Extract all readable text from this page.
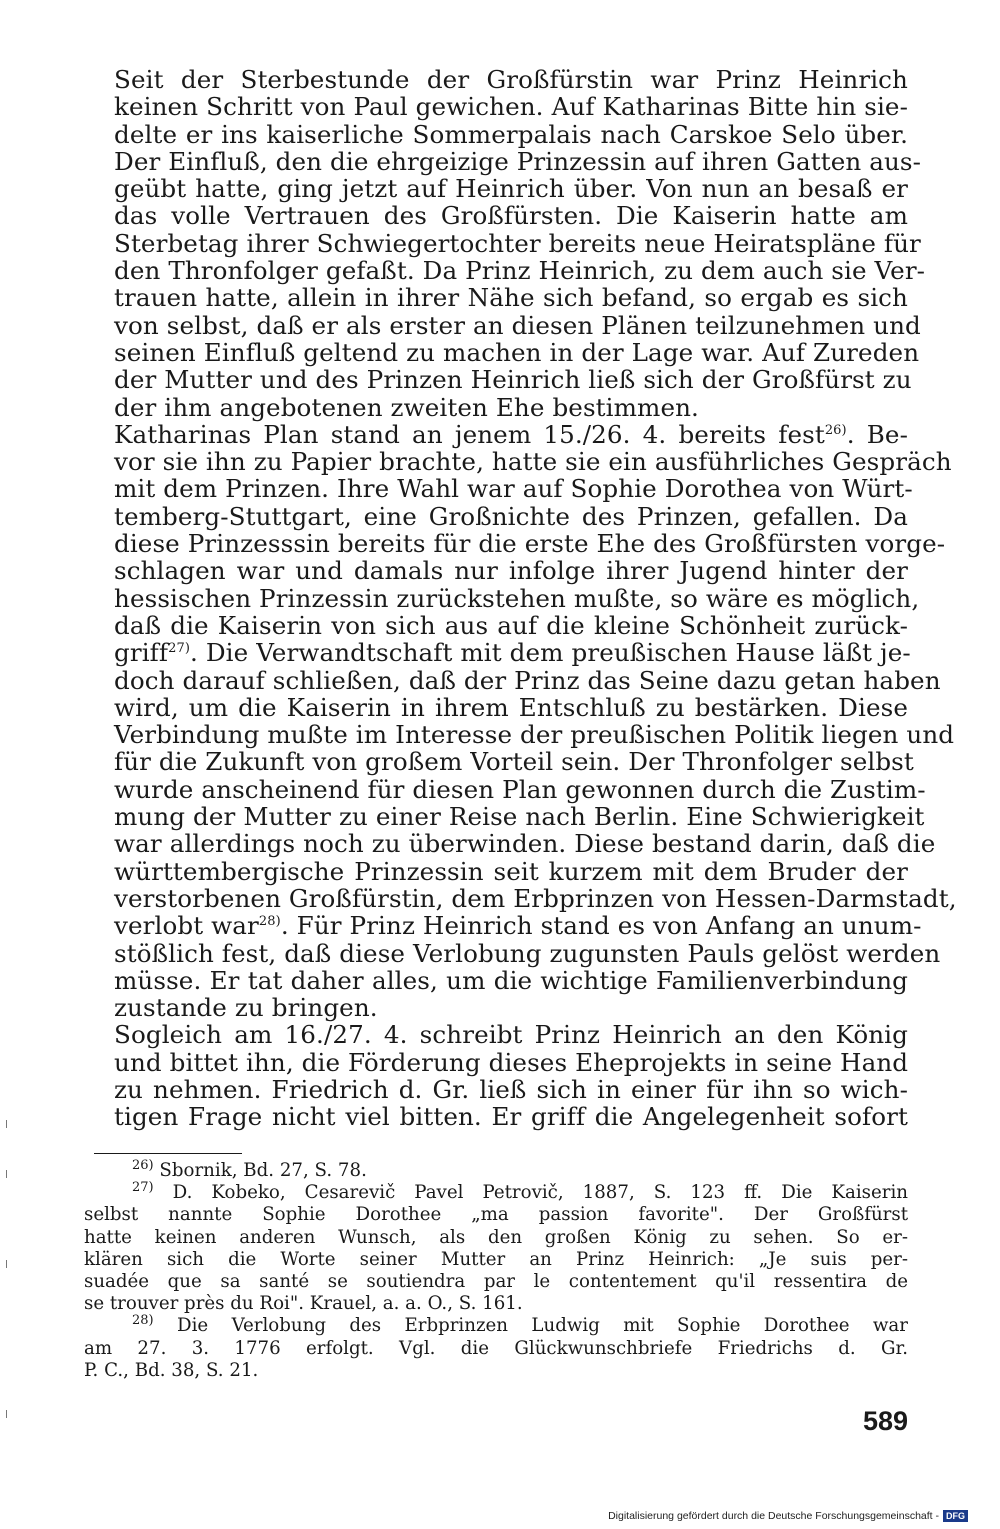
Seit der Sterbestunde der Großfürstin war Prinz Heinrich
keinen Schritt von Paul gewichen. Auf Katharinas Bitte hin sie-
delte er ins kaiserliche Sommerpalais nach Carskoe Selo über.
Der Einfluß, den die ehrgeizige Prinzessin auf ihren Gatten aus-
geübt hatte, ging jetzt auf Heinrich über. Von nun an besaß er
das volle Vertrauen des Großfürsten. Die Kaiserin hatte am
Sterbetag ihrer Schwiegertochter bereits neue Heiratspläne für
den Thronfolger gefaßt. Da Prinz Heinrich, zu dem auch sie Ver-
trauen hatte, allein in ihrer Nähe sich befand, so ergab es sich
von selbst, daß er als erster an diesen Plänen teilzunehmen und
seinen Einfluß geltend zu machen in der Lage war. Auf Zureden
der Mutter und des Prinzen Heinrich ließ sich der Großfürst zu
der ihm angebotenen zweiten Ehe bestimmen.

Katharinas Plan stand an jenem 15./26. 4. bereits fest$^{26)}$. Be-
vor sie ihn zu Papier brachte, hatte sie ein ausführliches Gespräch
mit dem Prinzen. Ihre Wahl war auf Sophie Dorothea von Würt-
temberg-Stuttgart, eine Großnichte des Prinzen, gefallen. Da
diese Prinzesssin bereits für die erste Ehe des Großfürsten vorge-
schlagen war und damals nur infolge ihrer Jugend hinter der
hessischen Prinzessin zurückstehen mußte, so wäre es möglich,
daß die Kaiserin von sich aus auf die kleine Schönheit zurück-
griff$^{27)}$. Die Verwandtschaft mit dem preußischen Hause läßt je-
doch darauf schließen, daß der Prinz das Seine dazu getan haben
wird, um die Kaiserin in ihrem Entschluß zu bestärken. Diese
Verbindung mußte im Interesse der preußischen Politik liegen und
für die Zukunft von großem Vorteil sein. Der Thronfolger selbst
wurde anscheinend für diesen Plan gewonnen durch die Zustim-
mung der Mutter zu einer Reise nach Berlin. Eine Schwierigkeit
war allerdings noch zu überwinden. Diese bestand darin, daß die
württembergische Prinzessin seit kurzem mit dem Bruder der
verstorbenen Großfürstin, dem Erbprinzen von Hessen-Darmstadt,
verlobt war$^{28)}$. Für Prinz Heinrich stand es von Anfang an unum-
stößlich fest, daß diese Verlobung zugunsten Pauls gelöst werden
müsse. Er tat daher alles, um die wichtige Familienverbindung
zustande zu bringen.

Sogleich am 16./27. 4. schreibt Prinz Heinrich an den König
und bittet ihn, die Förderung dieses Eheprojekts in seine Hand
zu nehmen. Friedrich d. Gr. ließ sich in einer für ihn so wich-
tigen Frage nicht viel bitten. Er griff die Angelegenheit sofort

$^{26)}$ Sbornik, Bd. 27, S. 78.

$^{27)}$ D. Kobeko, Cesarevič Pavel Petrovič, 1887, S. 123 ff. Die Kaiserin
selbst nannte Sophie Dorothee „ma passion favorite". Der Großfürst
hatte keinen anderen Wunsch, als den großen König zu sehen. So er-
klären sich die Worte seiner Mutter an Prinz Heinrich: „Je suis per-
suadée que sa santé se soutiendra par le contentement qu'il ressentira de
se trouver près du Roi". Krauel, a. a. O., S. 161.

$^{28)}$ Die Verlobung des Erbprinzen Ludwig mit Sophie Dorothee war
am 27. 3. 1776 erfolgt. Vgl. die Glückwunschbriefe Friedrichs d. Gr.
P. C., Bd. 38, S. 21.

589
Digitalisierung gefördert durch die Deutsche Forschungsgemeinschaft - DFG
